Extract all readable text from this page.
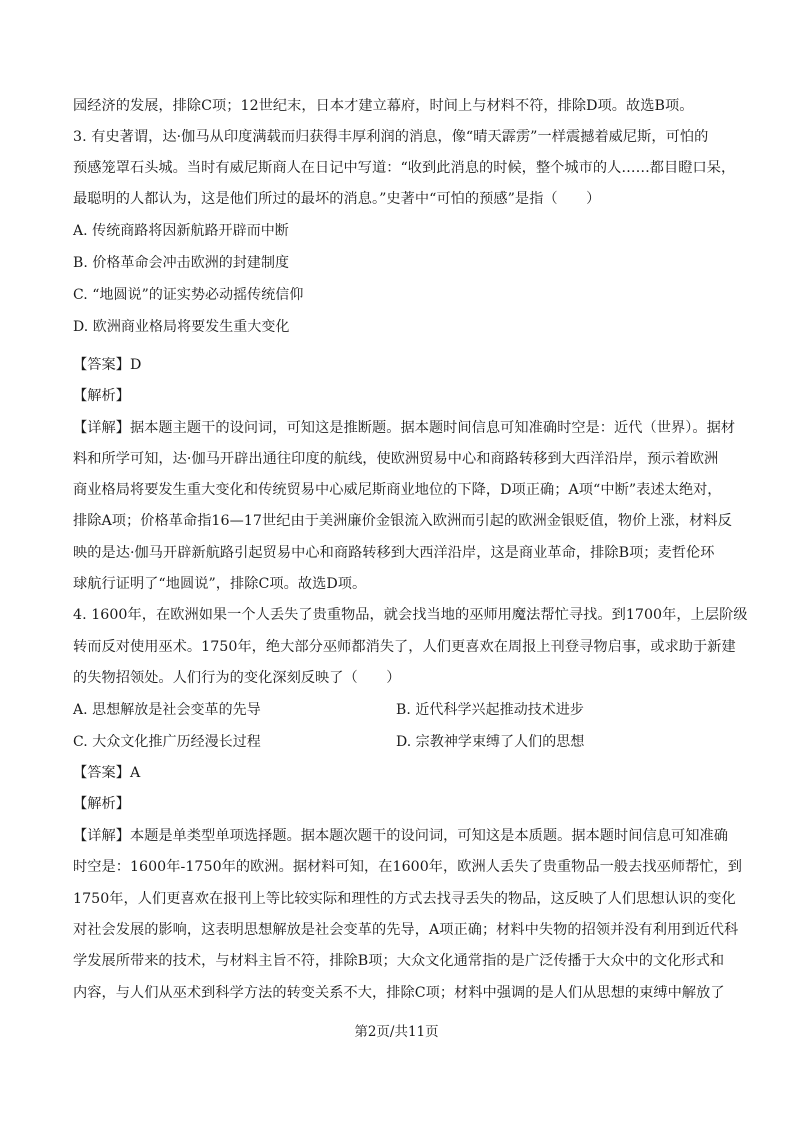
园经济的发展，排除C项；12世纪末，日本才建立幕府，时间上与材料不符，排除D项。故选B项。
3. 有史著谓，达·伽马从印度满载而归获得丰厚利润的消息，像“晴天霹雳”一样震撼着威尼斯，可怕的
预感笼罩石头城。当时有威尼斯商人在日记中写道：“收到此消息的时候，整个城市的人……都目瞪口呆，
最聪明的人都认为，这是他们所过的最坏的消息。”史著中“可怕的预感”是指（　　）
A. 传统商路将因新航路开辟而中断
B. 价格革命会冲击欧洲的封建制度
C. “地圆说”的证实势必动摇传统信仰
D. 欧洲商业格局将要发生重大变化
【答案】D
【解析】
【详解】据本题主题干的设问词，可知这是推断题。据本题时间信息可知准确时空是：近代（世界）。据材
料和所学可知，达·伽马开辟出通往印度的航线，使欧洲贸易中心和商路转移到大西洋沿岸，预示着欧洲
商业格局将要发生重大变化和传统贸易中心威尼斯商业地位的下降，D项正确；A项“中断”表述太绝对，
排除A项；价格革命指16—17世纪由于美洲廉价金银流入欧洲而引起的欧洲金银贬值，物价上涨，材料反
映的是达·伽马开辟新航路引起贸易中心和商路转移到大西洋沿岸，这是商业革命，排除B项；麦哲伦环
球航行证明了“地圆说”，排除C项。故选D项。
4. 1600年，在欧洲如果一个人丢失了贵重物品，就会找当地的巫师用魔法帮忙寻找。到1700年，上层阶级
转而反对使用巫术。1750年，绝大部分巫师都消失了，人们更喜欢在周报上刊登寻物启事，或求助于新建
的失物招领处。人们行为的变化深刻反映了（　　）
A. 思想解放是社会变革的先导	B. 近代科学兴起推动技术进步
C. 大众文化推广历经漫长过程	D. 宗教神学束缚了人们的思想
【答案】A
【解析】
【详解】本题是单类型单项选择题。据本题次题干的设问词，可知这是本质题。据本题时间信息可知准确
时空是：1600年-1750年的欧洲。据材料可知，在1600年，欧洲人丢失了贵重物品一般去找巫师帮忙，到
1750年，人们更喜欢在报刊上等比较实际和理性的方式去找寻丢失的物品，这反映了人们思想认识的变化
对社会发展的影响，这表明思想解放是社会变革的先导，A项正确；材料中失物的招领并没有利用到近代科
学发展所带来的技术，与材料主旨不符，排除B项；大众文化通常指的是广泛传播于大众中的文化形式和
内容，与人们从巫术到科学方法的转变关系不大，排除C项；材料中强调的是人们从思想的束缚中解放了
第2页/共11页
